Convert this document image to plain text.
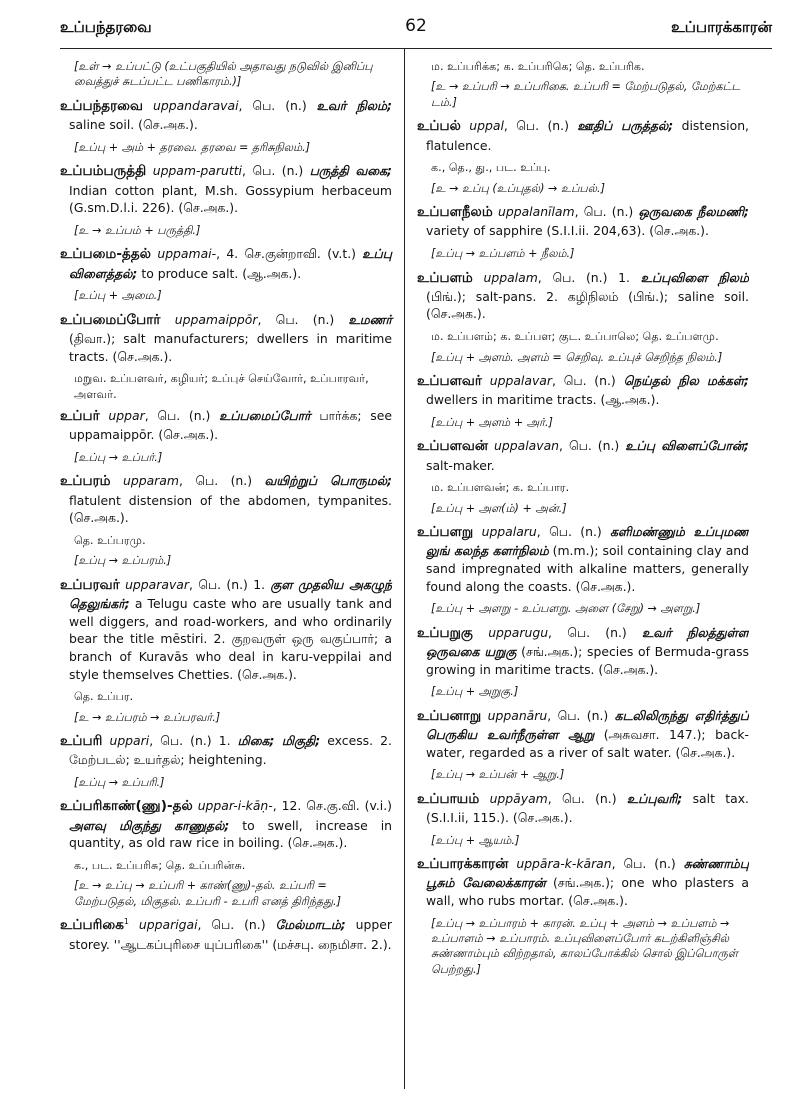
உப்பந்தரவை	62	உப்பாரக்காரன்
[உள் → உப்பட்டு (உட்பகுதியில் அதாவது நடுவில் இனிப்பு வைத்துச் சுடப்பட்ட பணிகாரம்.)]
உப்பந்தரவை uppandaravai, பெ. (n.) உவர் நிலம்; saline soil. (செ.அக.).
[உப்பு + அம் + தரவை. தரவை = தரிசுநிலம்.]
உப்பம்பருத்தி uppam-parutti, பெ. (n.) பருத்தி வகை; Indian cotton plant, M.sh. Gossypium herbaceum (G.sm.D.l.i. 226). (செ.அக.).
[உ → உப்பம் + பருத்தி.]
உப்பமை-த்தல் uppamai-, 4. செ.குன்றாவி. (v.t.) உப்பு விளைத்தல்; to produce salt. (ஆ.அக.).
[உப்பு + அமை.]
உப்பமைப்போர் uppamaippōr, பெ. (n.) உமணர் (திவா.); salt manufacturers; dwellers in maritime tracts. (செ.அக.).
மறுவ. உப்பளவர், கழியர்; உப்புச் செய்வோர், உப்பாரவர், அளவர்.
உப்பர் uppar, பெ. (n.) உப்பமைப்போர் பார்க்க; see uppamaippōr. (செ.அக.).
[உப்பு → உப்பர்.]
உப்பரம் upparam, பெ. (n.) வயிற்றுப் பொருமல்; flatulent distension of the abdomen, tympanites. (செ.அக.).
தெ. உப்பரமு.
[உப்பு → உப்பரம்.]
உப்பரவர் upparavar, பெ. (n.) 1. குள முதலிய அகழுந் தெலுங்கர்; a Telugu caste who are usually tank and well diggers, and road-workers, and who ordinarily bear the title mēstiri. 2. குறவருள் ஒரு வகுப்பார்; a branch of Kuravās who deal in karu-veppilai and style themselves Chetties. (செ.அக.).
தெ. உப்பர.
[உ → உப்பரம் → உப்பரவர்.]
உப்பரி uppari, பெ. (n.) 1. மிகை; மிகுதி; excess. 2. மேற்படல்; உயர்தல்; heightening.
[உப்பு → உப்பரி.]
உப்பரிகாண்(ணு)-தல் uppar-i-kāṇ-, 12. செ.கு.வி. (v.i.) அளவு மிகுந்து காணுதல்; to swell, increase in quantity, as old raw rice in boiling. (செ.அக.).
க., பட. உப்பரிசு; தெ. உப்பரின்சு.
[உ → உப்பு → உப்பரி + காண்(ணு)-தல். உப்பரி = மேற்படுதல், மிகுதல். உப்பரி - உபரி எனத் திரிந்தது.]
உப்பரிகை$^1$ upparigai, பெ. (n.) மேல்மாடம்; upper storey. ''ஆடகப்புரிசை யுப்பரிகை'' (மச்சபு. நைமிசா. 2.).
ம. உப்பரிக்க; க. உப்பரிகெ; தெ. உப்பரிக.
[உ → உப்பரி → உப்பரிகை. உப்பரி = மேற்படுதல், மேற்கட்ட டம்.]
உப்பல் uppal, பெ. (n.) ஊதிப் பருத்தல்; distension, flatulence.
க., தெ., து., பட. உப்பு.
[உ → உப்பு (உப்புதல்) → உப்பல்.]
உப்பளநீலம் uppalanīlam, பெ. (n.) ஒருவகை நீலமணி; variety of sapphire (S.I.I.ii. 204,63). (செ.அக.).
[உப்பு → உப்பளம் + நீலம்.]
உப்பளம் uppalam, பெ. (n.) 1. உப்புவிளை நிலம் (பிங்.); salt-pans. 2. கழிநிலம் (பிங்.); saline soil. (செ.அக.).
ம. உப்பளம்; க. உப்பள; குட. உப்பாலெ; தெ. உப்பளமு.
[உப்பு + அளம். அளம் = செறிவு. உப்புச் செறிந்த நிலம்.]
உப்பளவர் uppalavar, பெ. (n.) நெய்தல் நில மக்கள்; dwellers in maritime tracts. (ஆ.அக.).
[உப்பு + அளம் + அர்.]
உப்பளவன் uppalavan, பெ. (n.) உப்பு விளைப்போன்; salt-maker.
ம. உப்பளவன்; க. உப்பார.
[உப்பு + அள(ம்) + அன்.]
உப்பளறு uppalaru, பெ. (n.) களிமண்ணும் உப்புமண லுங் கலந்த களர்நிலம் (m.m.); soil containing clay and sand impregnated with alkaline matters, generally found along the coasts. (செ.அக.).
[உப்பு + அளறு - உப்பளறு. அளை (சேறு) → அளறு.]
உப்பறுகு upparugu, பெ. (n.) உவர் நிலத்துள்ள ஒருவகை யறுகு (சங்.அக.); species of Bermuda-grass growing in maritime tracts. (செ.அக.).
[உப்பு + அறுகு.]
உப்பனாறு uppanāru, பெ. (n.) கடலிலிருந்து எதிர்த்துப் பெருகிய உவர்நீருள்ள ஆறு (அசுவசா. 147.); back-water, regarded as a river of salt water. (செ.அக.).
[உப்பு → உப்பன் + ஆறு.]
உப்பாயம் uppāyam, பெ. (n.) உப்புவரி; salt tax. (S.I.I.ii, 115.). (செ.அக.).
[உப்பு + ஆயம்.]
உப்பாரக்காரன் uppāra-k-kāran, பெ. (n.) சுண்ணாம்பு பூசும் வேலைக்காரன் (சங்.அக.); one who plasters a wall, who rubs mortar. (செ.அக.).
[உப்பு → உப்பாரம் + காரன். உப்பு + அளம் → உப்பளம் → உப்பாளம் → உப்பாரம். உப்புவிளைப்போர் கடற்கிளிஞ்சில் சுண்ணாம்பும் விற்றதால், காலப்போக்கில் சொல் இப்பொருள் பெற்றது.]
